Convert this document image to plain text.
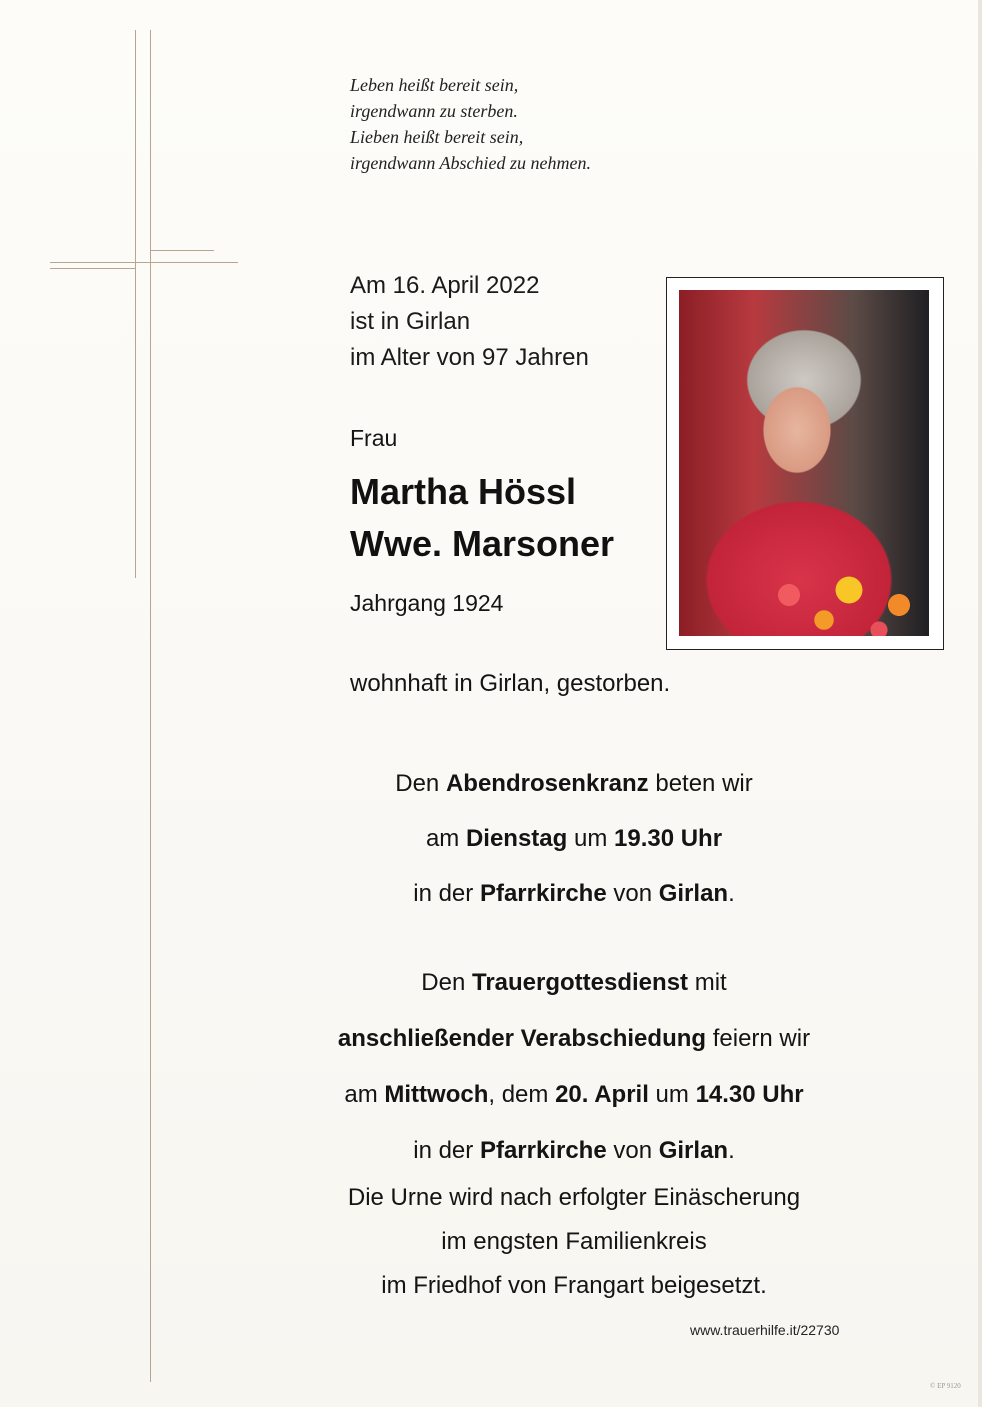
Leben heißt bereit sein,
irgendwann zu sterben.
Lieben heißt bereit sein,
irgendwann Abschied zu nehmen.
Am 16. April 2022
ist in Girlan
im Alter von 97 Jahren
Frau
Martha Hössl
Wwe. Marsoner
Jahrgang 1924
wohnhaft in Girlan, gestorben.

Den Abendrosenkranz beten wir

am Dienstag um 19.30 Uhr

in der Pfarrkirche von Girlan.

Den Trauergottesdienst mit

anschließender Verabschiedung feiern wir

am Mittwoch, dem 20. April um 14.30 Uhr

in der Pfarrkirche von Girlan.

Die Urne wird nach erfolgter Einäscherung

im engsten Familienkreis

im Friedhof von Frangart beigesetzt.

www.trauerhilfe.it/22730
© EP 9120
